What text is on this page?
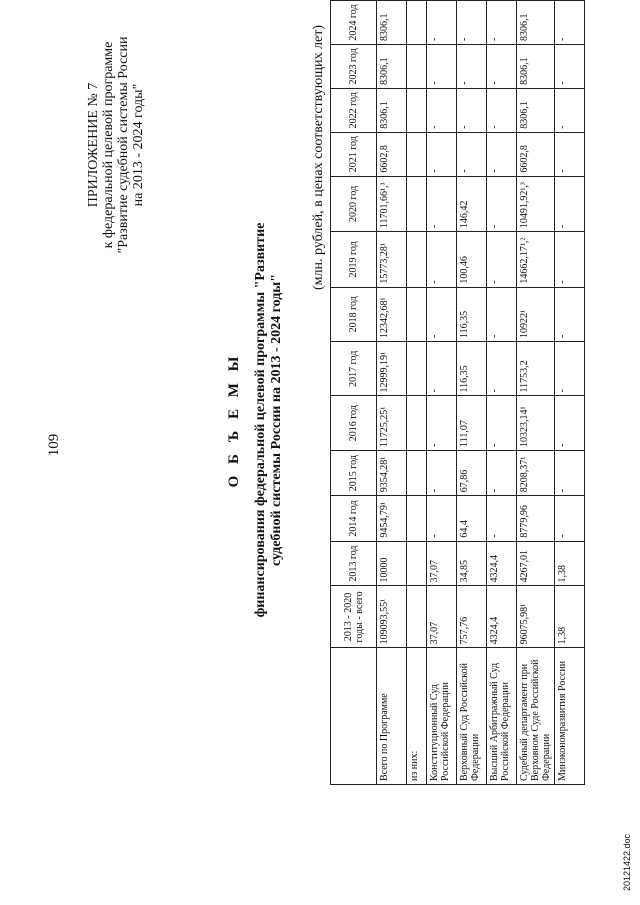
109
ПРИЛОЖЕНИЕ № 7 к федеральной целевой программе "Развитие судебной системы России на 2013 - 2024 годы"
О Б Ъ Е М Ы финансирования федеральной целевой программы "Развитие судебной системы России на 2013 - 2024 годы"
(млн. рублей, в ценах соответствующих лет)
	2013 - 2020 годы - всего	2013 год	2014 год	2015 год	2016 год	2017 год	2018 год	2019 год	2020 год	2021 год	2022 год	2023 год	2024 год
Всего по Программе	109093,55¹	10000	9454,79¹	9354,28¹	11725,25¹	12999,19¹	12342,68¹	15773,28¹	11701,66¹,³	6602,8	8306,1	8306,1	8306,1
из них:													
Конституционный Суд Российской Федерации	37,07	37,07	-	-	-	-	-	-	-	-	-	-	-
Верховный Суд Российской Федерации	757,76	34,85	64,4	67,86	111,07	116,35	116,35	100,46	146,42	-	-	-	-
Высший Арбитражный Суд Российской Федерации	4324,4	4324,4	-	-	-	-	-	-	-	-	-	-	-
Судебный департамент при Верховном Суде Российской Федерации	96075,98¹	4267,01	8779,96	8208,37¹	10323,14¹	11753,2	10922¹	14662,17¹,²	10491,92¹,³	6602,8	8306,1	8306,1	8306,1
Минэкономразвития России	1,38	1,38	-	-	-	-	-	-	-	-	-	-	-
20121422.doc
